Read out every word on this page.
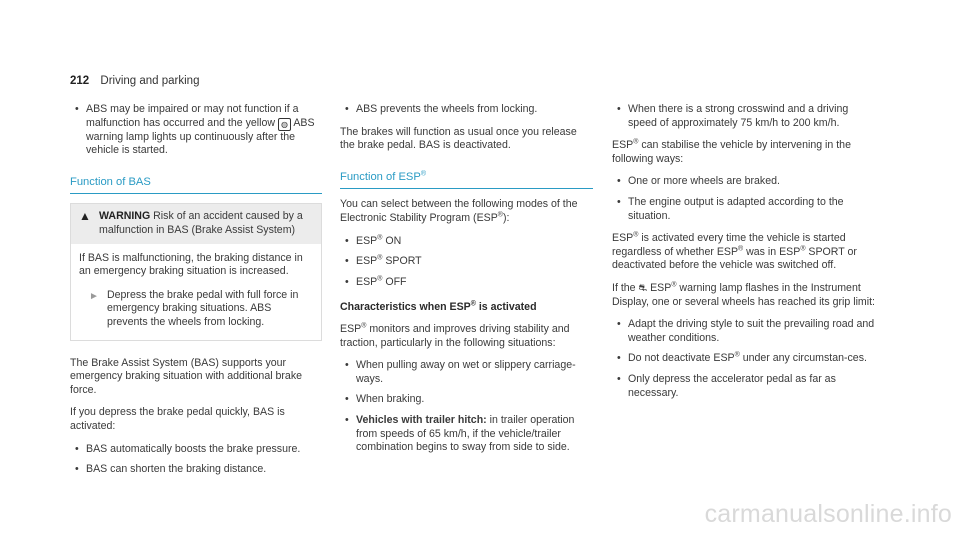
212 Driving and parking
• ABS may be impaired or may not function if a malfunction has occurred and the yellow ◍ ABS warning lamp lights up continuously after the vehicle is started.
Function of BAS
▲ WARNING Risk of an accident caused by a malfunction in BAS (Brake Assist System)
If BAS is malfunctioning, the braking distance in an emergency braking situation is increased.
► Depress the brake pedal with full force in emergency braking situations. ABS prevents the wheels from locking.

The Brake Assist System (BAS) supports your emergency braking situation with additional brake force.

If you depress the brake pedal quickly, BAS is activated:

• BAS automatically boosts the brake pressure.
• BAS can shorten the braking distance.
• ABS prevents the wheels from locking.

The brakes will function as usual once you release the brake pedal. BAS is deactivated.

Function of ESP®

You can select between the following modes of the Electronic Stability Program (ESP®):

• ESP® ON
• ESP® SPORT
• ESP® OFF
Characteristics when ESP® is activated

ESP® monitors and improves driving stability and traction, particularly in the following situations:

• When pulling away on wet or slippery carriage-ways.
• When braking.
• Vehicles with trailer hitch: in trailer operation from speeds of 65 km/h, if the vehicle/trailer combination begins to sway from side to side.
• When there is a strong crosswind and a driving speed of approximately 75 km/h to 200 km/h.

ESP® can stabilise the vehicle by intervening in the following ways:

• One or more wheels are braked.
• The engine output is adapted according to the situation.

ESP® is activated every time the vehicle is started regardless of whether ESP® was in ESP® SPORT or deactivated before the vehicle was switched off.

If the ⛐ ESP® warning lamp flashes in the Instrument Display, one or several wheels has reached its grip limit:

• Adapt the driving style to suit the prevailing road and weather conditions.
• Do not deactivate ESP® under any circumstan-ces.
• Only depress the accelerator pedal as far as necessary.
carmanualsonline.info
